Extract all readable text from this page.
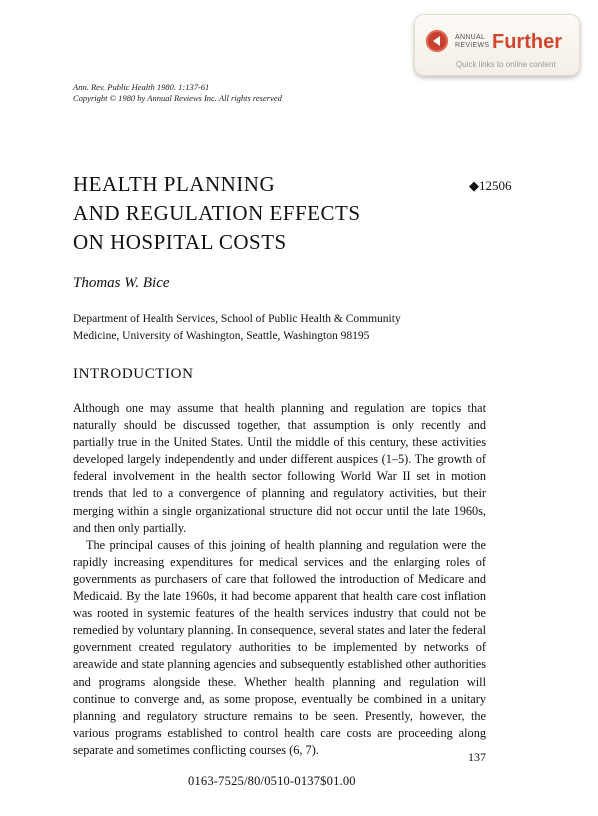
ANNUAL
REVIEWS Further
Quick links to online content
Ann. Rev. Public Health 1980. 1:137-61
Copyright © 1980 by Annual Reviews Inc. All rights reserved
HEALTH PLANNING
AND REGULATION EFFECTS
ON HOSPITAL COSTS
◆12506
Thomas W. Bice
Department of Health Services, School of Public Health & Community
Medicine, University of Washington, Seattle, Washington 98195
INTRODUCTION

Although one may assume that health planning and regulation are topics that naturally should be discussed together, that assumption is only recently and partially true in the United States. Until the middle of this century, these activities developed largely independently and under different auspices (1–5). The growth of federal involvement in the health sector following World War II set in motion trends that led to a convergence of planning and regulatory activities, but their merging within a single organizational structure did not occur until the late 1960s, and then only partially.

The principal causes of this joining of health planning and regulation were the rapidly increasing expenditures for medical services and the enlarging roles of governments as purchasers of care that followed the introduction of Medicare and Medicaid. By the late 1960s, it had become apparent that health care cost inflation was rooted in systemic features of the health services industry that could not be remedied by voluntary planning. In consequence, several states and later the federal government created regulatory authorities to be implemented by networks of areawide and state planning agencies and subsequently established other authorities and programs alongside these. Whether health planning and regulation will continue to converge and, as some propose, eventually be combined in a unitary planning and regulatory structure remains to be seen. Presently, however, the various programs established to control health care costs are proceeding along separate and sometimes conflicting courses (6, 7).

137
0163-7525/80/0510-0137$01.00
